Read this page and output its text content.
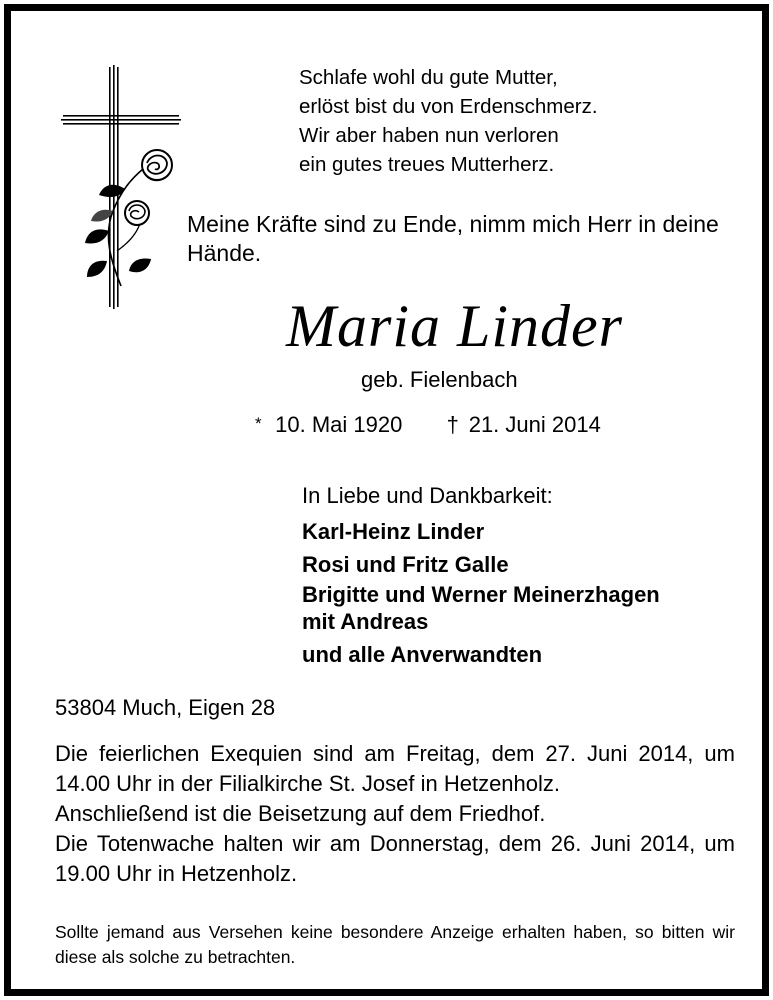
Schlafe wohl du gute Mutter,
erlöst bist du von Erdenschmerz.
Wir aber haben nun verloren
ein gutes treues Mutterherz.
Meine Kräfte sind zu Ende, nimm mich Herr in deine Hände.
Maria Linder
geb. Fielenbach
* 10. Mai 1920 † 21. Juni 2014
In Liebe und Dankbarkeit:
Karl-Heinz Linder
Rosi und Fritz Galle
Brigitte und Werner Meinerzhagen
mit Andreas
und alle Anverwandten
53804 Much, Eigen 28

Die feierlichen Exequien sind am Freitag, dem 27. Juni 2014, um 14.00 Uhr in der Filialkirche St. Josef in Hetzenholz.

Anschließend ist die Beisetzung auf dem Friedhof.

Die Totenwache halten wir am Donnerstag, dem 26. Juni 2014, um 19.00 Uhr in Hetzenholz.

Sollte jemand aus Versehen keine besondere Anzeige erhalten haben, so bitten wir diese als solche zu betrachten.
